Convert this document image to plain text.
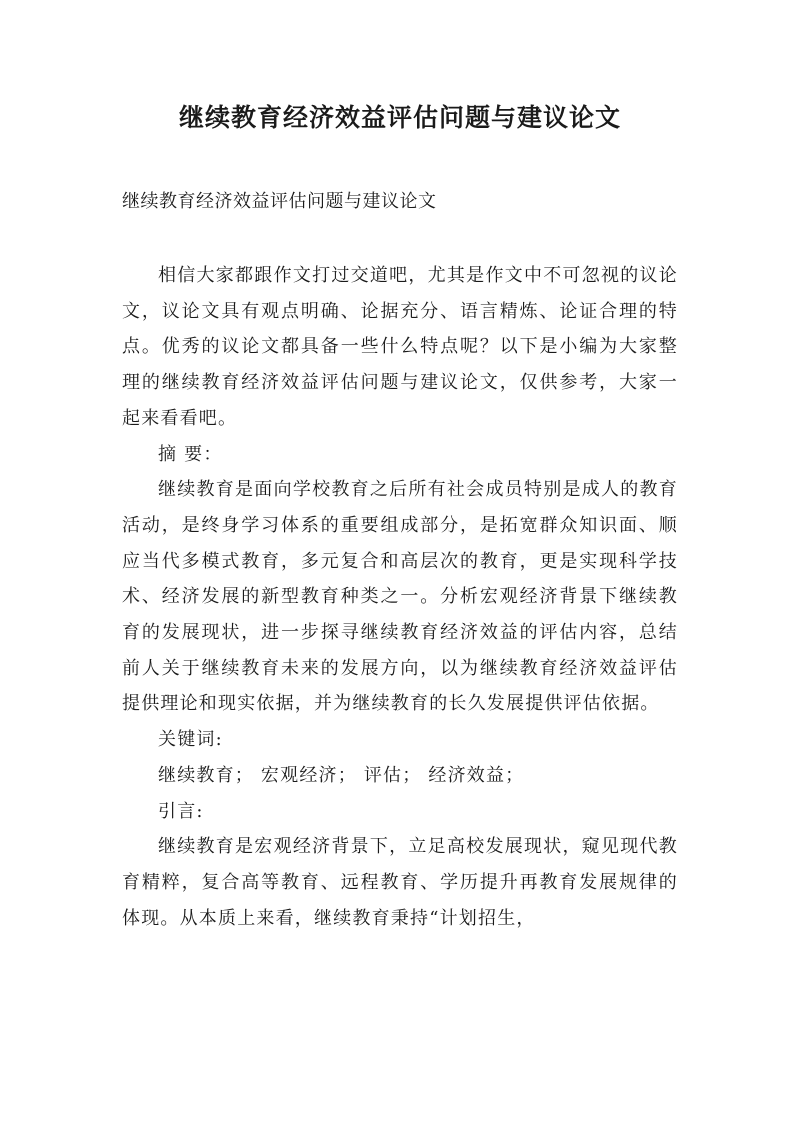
继续教育经济效益评估问题与建议论文

继续教育经济效益评估问题与建议论文

相信大家都跟作文打过交道吧，尤其是作文中不可忽视的议论文，议论文具有观点明确、论据充分、语言精炼、论证合理的特点。优秀的议论文都具备一些什么特点呢？以下是小编为大家整理的继续教育经济效益评估问题与建议论文，仅供参考，大家一起来看看吧。

摘 要：

继续教育是面向学校教育之后所有社会成员特别是成人的教育活动，是终身学习体系的重要组成部分，是拓宽群众知识面、顺应当代多模式教育，多元复合和高层次的教育，更是实现科学技术、经济发展的新型教育种类之一。分析宏观经济背景下继续教育的发展现状，进一步探寻继续教育经济效益的评估内容，总结前人关于继续教育未来的发展方向，以为继续教育经济效益评估提供理论和现实依据，并为继续教育的长久发展提供评估依据。

关键词:

继续教育； 宏观经济； 评估； 经济效益；

引言:

继续教育是宏观经济背景下，立足高校发展现状，窥见现代教育精粹，复合高等教育、远程教育、学历提升再教育发展规律的体现。从本质上来看，继续教育秉持“计划招生，
